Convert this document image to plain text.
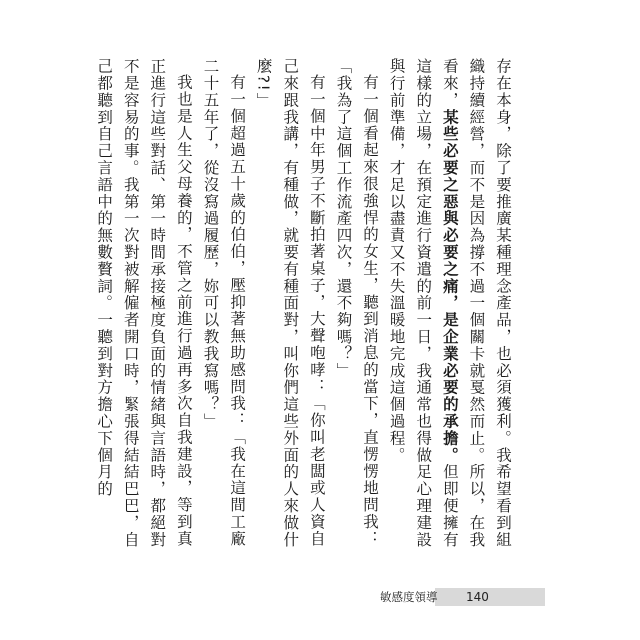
存在本身，除了要推廣某種理念產品，也必須獲利。我希望看到組織持續經營，而不是因為撐不過一個關卡就戛然而止。所以，在我看來，某些必要之惡與必要之痛，是企業必要的承擔。但即便擁有這樣的立場，在預定進行資遣的前一日，我通常也得做足心理建設與行前準備，才足以盡責又不失溫暖地完成這個過程。

有一個看起來很強悍的女生，聽到消息的當下，直愣愣地問我：「我為了這個工作流產四次，還不夠嗎？」

有一個中年男子不斷拍著桌子，大聲咆哮：「你叫老闆或人資自己來跟我講，有種做，就要有種面對，叫你們這些外面的人來做什麼?!」

有一個超過五十歲的伯伯，壓抑著無助感問我：「我在這間工廠二十五年了，從沒寫過履歷，妳可以教我寫嗎？」

我也是人生父母養的，不管之前進行過再多次自我建設，等到真正進行這些對話、第一時間承接極度負面的情緒與言語時，都絕對不是容易的事。我第一次對被解僱者開口時，緊張得結結巴巴，自己都聽到自己言語中的無數贅詞。一聽到對方擔心下個月的

敏感度領導 140
